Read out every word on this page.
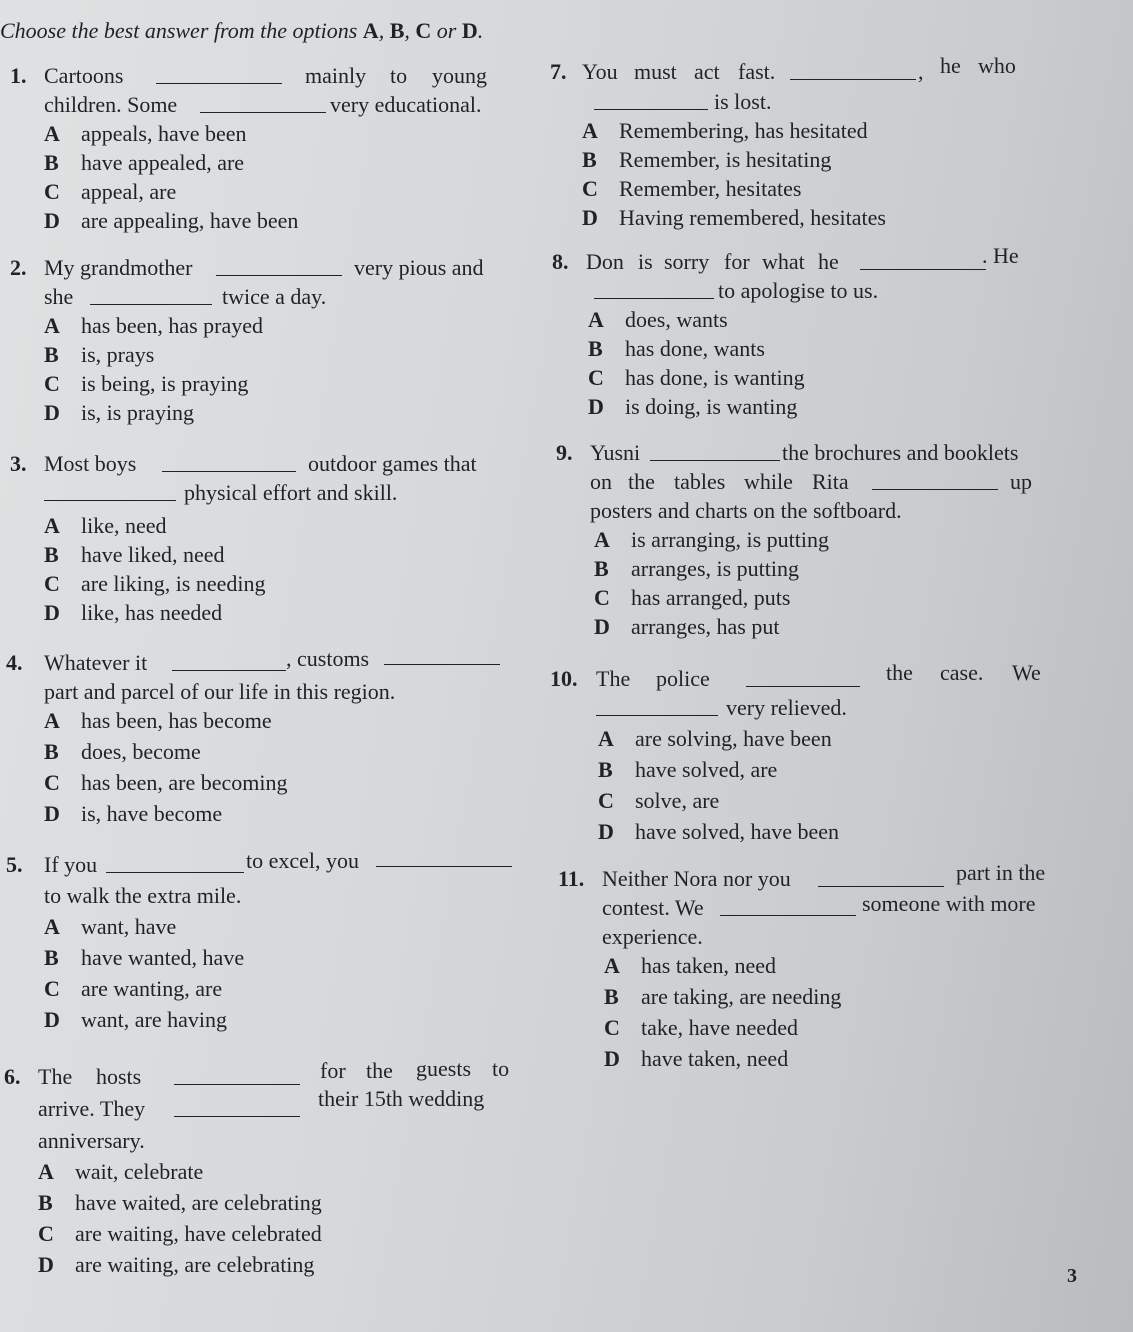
Choose the best answer from the options A, B, C or D.
1. Cartoons	mainly to young
children. Some	very educational.
A appeals, have been
B have appealed, are
C appeal, are
D are appealing, have been
2. My grandmother	very pious and
she	twice a day.
A has been, has prayed
B is, prays
C is being, is praying
D is, is praying
3. Most boys	outdoor games that
physical effort and skill.
A like, need
B have liked, need
C are liking, is needing
D like, has needed
4. Whatever it	, customs
part and parcel of our life in this region.
A has been, has become
B does, become
C has been, are becoming
D is, have become
5. If you	to excel, you
to walk the extra mile.
A want, have
B have wanted, have
C are wanting, are
D want, are having
6. The hosts	for the guests to
arrive. They	their 15th wedding
anniversary.
A wait, celebrate
B have waited, are celebrating
C are waiting, have celebrated
D are waiting, are celebrating
7. You must act fast.	, he who
is lost.
A Remembering, has hesitated
B Remember, is hesitating
C Remember, hesitates
D Having remembered, hesitates
8. Don is sorry for what he	. He
to apologise to us.
A does, wants
B has done, wants
C has done, is wanting
D is doing, is wanting
9. Yusni	the brochures and booklets
on the tables while Rita	up
posters and charts on the softboard.
A is arranging, is putting
B arranges, is putting
C has arranged, puts
D arranges, has put
10. The police	the case. We
very relieved.
A are solving, have been
B have solved, are
C solve, are
D have solved, have been
11. Neither Nora nor you	part in the
contest. We	someone with more
experience.
A has taken, need
B are taking, are needing
C take, have needed
D have taken, need
3
